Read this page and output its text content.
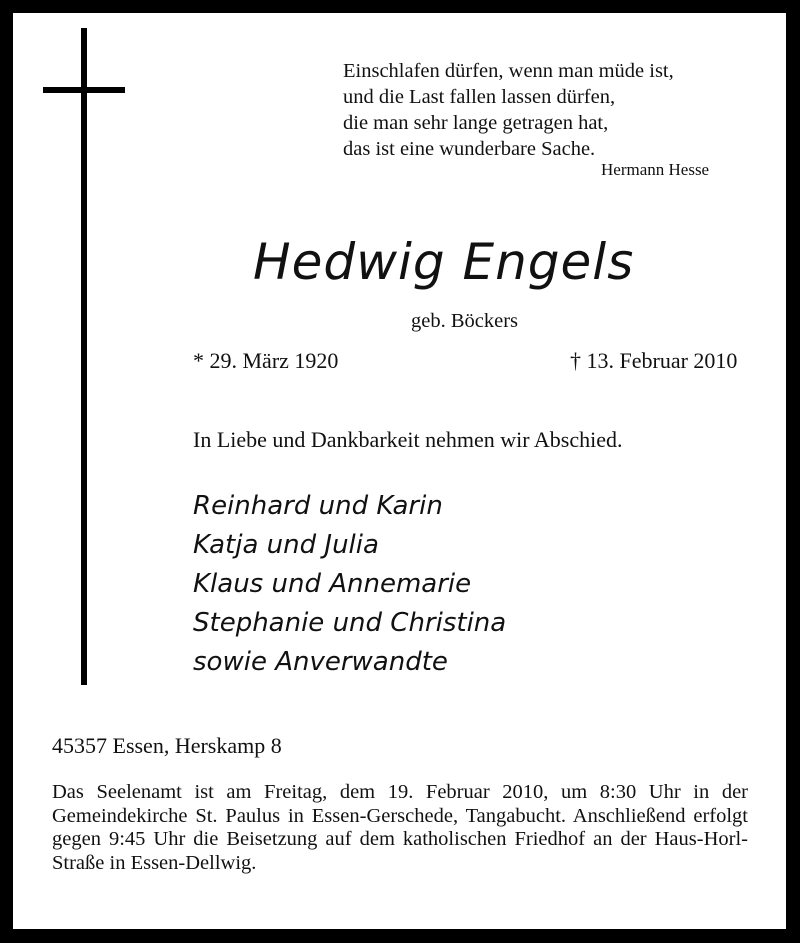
Einschlafen dürfen, wenn man müde ist,
und die Last fallen lassen dürfen,
die man sehr lange getragen hat,
das ist eine wunderbare Sache.
Hermann Hesse
Hedwig Engels
geb. Böckers
* 29. März 1920	† 13. Februar 2010
In Liebe und Dankbarkeit nehmen wir Abschied.
Reinhard und Karin
Katja und Julia
Klaus und Annemarie
Stephanie und Christina
sowie Anverwandte
45357 Essen, Herskamp 8
Das Seelenamt ist am Freitag, dem 19. Februar 2010, um 8:30 Uhr in der Gemeindekirche St. Paulus in Essen-Gerschede, Tangabucht. Anschließend erfolgt gegen 9:45 Uhr die Beisetzung auf dem katholischen Friedhof an der Haus-Horl-Straße in Essen-Dellwig.
